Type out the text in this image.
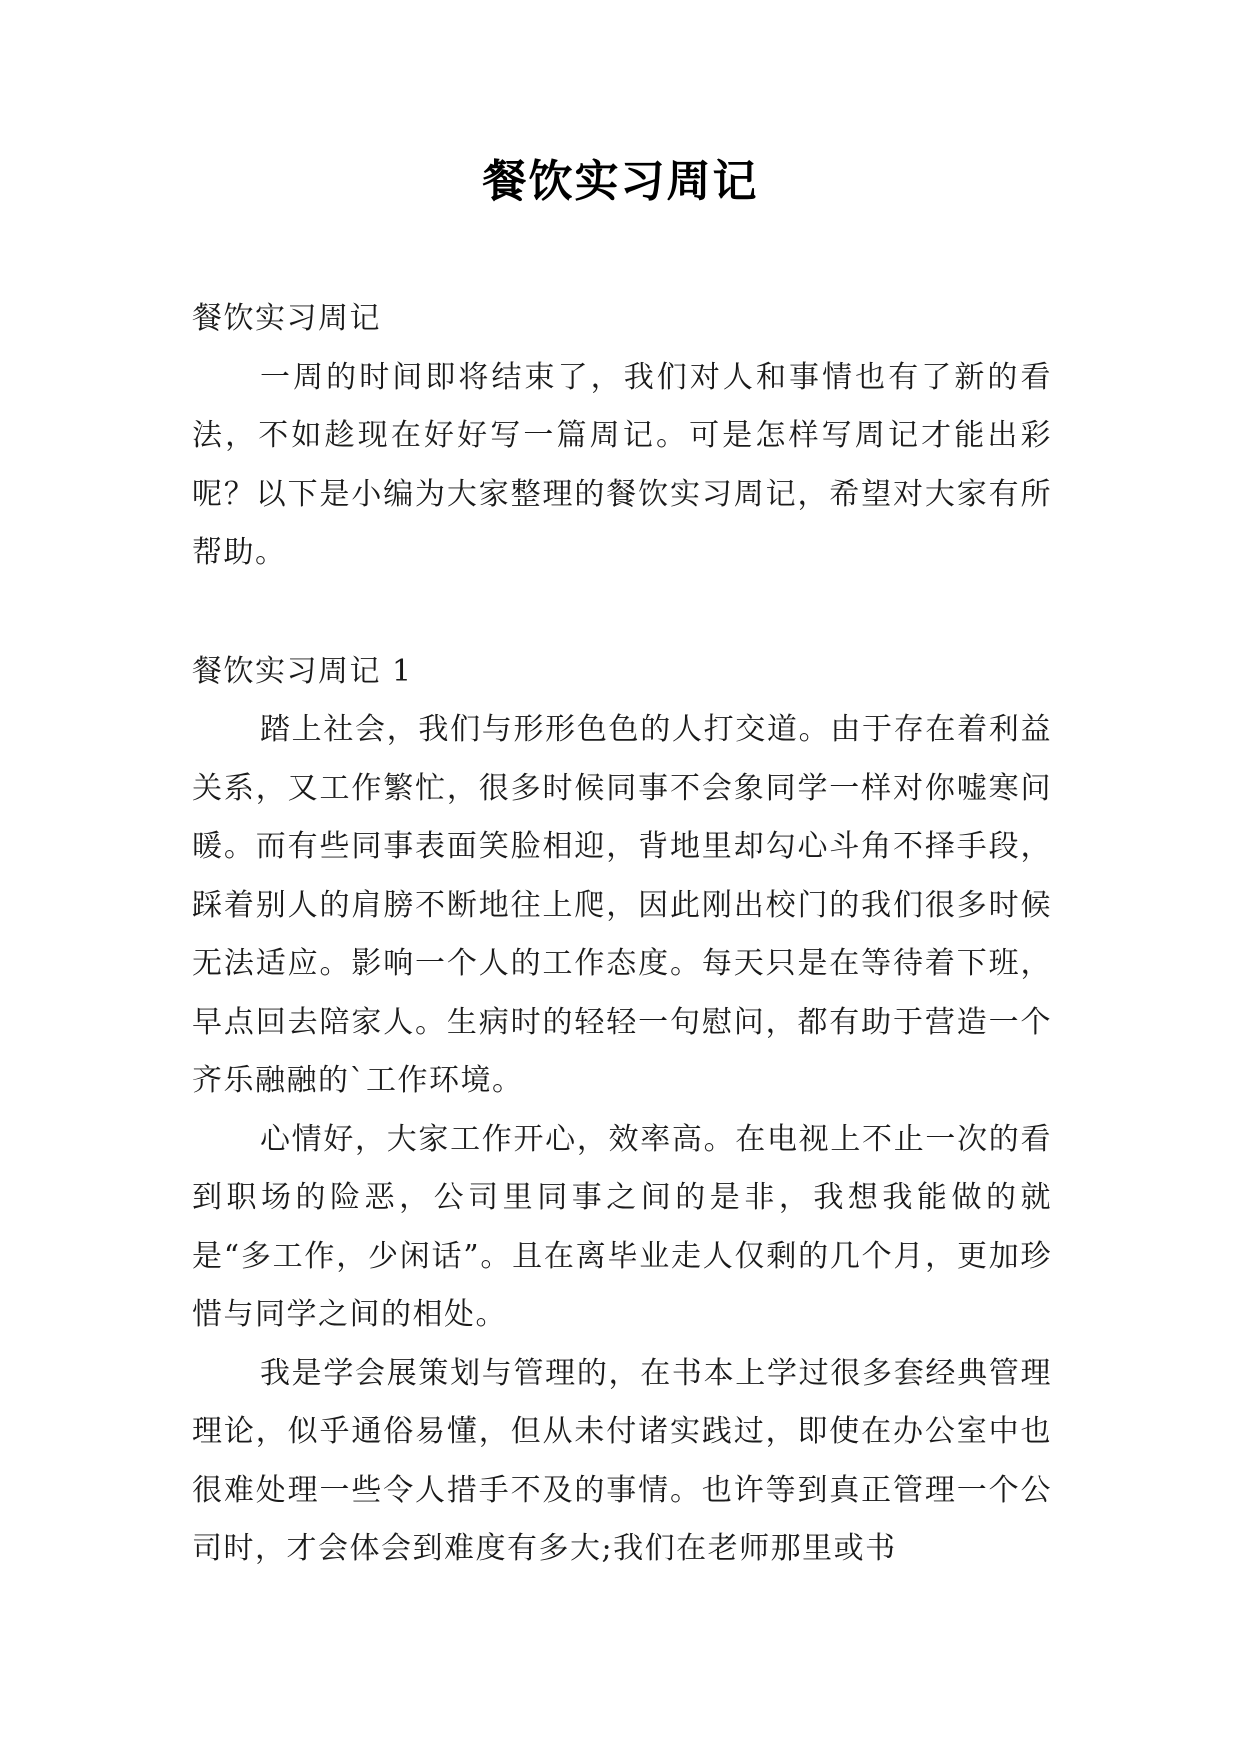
餐饮实习周记

餐饮实习周记

一周的时间即将结束了，我们对人和事情也有了新的看法，不如趁现在好好写一篇周记。可是怎样写周记才能出彩呢？以下是小编为大家整理的餐饮实习周记，希望对大家有所帮助。

餐饮实习周记 1

踏上社会，我们与形形色色的人打交道。由于存在着利益关系，又工作繁忙，很多时候同事不会象同学一样对你嘘寒问暖。而有些同事表面笑脸相迎，背地里却勾心斗角不择手段，踩着别人的肩膀不断地往上爬，因此刚出校门的我们很多时候无法适应。影响一个人的工作态度。每天只是在等待着下班，早点回去陪家人。生病时的轻轻一句慰问，都有助于营造一个齐乐融融的`工作环境。

心情好，大家工作开心，效率高。在电视上不止一次的看到职场的险恶，公司里同事之间的是非，我想我能做的就是“多工作，少闲话”。且在离毕业走人仅剩的几个月，更加珍惜与同学之间的相处。

我是学会展策划与管理的，在书本上学过很多套经典管理理论，似乎通俗易懂，但从未付诸实践过，即使在办公室中也很难处理一些令人措手不及的事情。也许等到真正管理一个公司时，才会体会到难度有多大;我们在老师那里或书
